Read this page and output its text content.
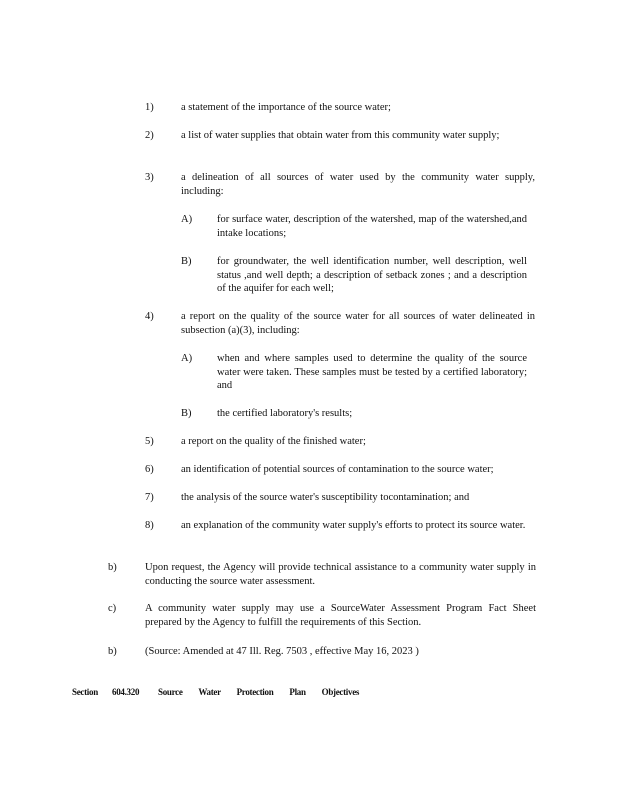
1)	a statement of the importance of the source water;
2)	a list of water supplies that obtain water from this community water supply;
3)	a delineation of all sources of water used by the community water supply, including:
A) for surface water, description of the watershed, map of the watershed,and intake locations;
B) for groundwater, the well identification number, well description, well status ,and well depth; a description of setback zones ; and a description of the aquifer for each well;
4)	a report on the quality of the source water for all sources of water delineated in subsection (a)(3), including:
A) when and where samples used to determine the quality of the source water were taken. These samples must be tested by a certified laboratory; and
B) the certified laboratory's results;
5)	a report on the quality of the finished water;
6)	an identification of potential sources of contamination to the source water;
7)	the analysis of the source water's susceptibility tocontamination; and
8)	an explanation of the community water supply's efforts to protect its source water.
b)	Upon request, the Agency will provide technical assistance to a community water supply in conducting the source water assessment.
c)	A community water supply may use a SourceWater Assessment Program Fact Sheet prepared by the Agency to fulfill the requirements of this Section.
b)	(Source: Amended at 47 Ill. Reg. 7503 , effective May 16, 2023 )
Section 604.320 Source Water Protection Plan Objectives
